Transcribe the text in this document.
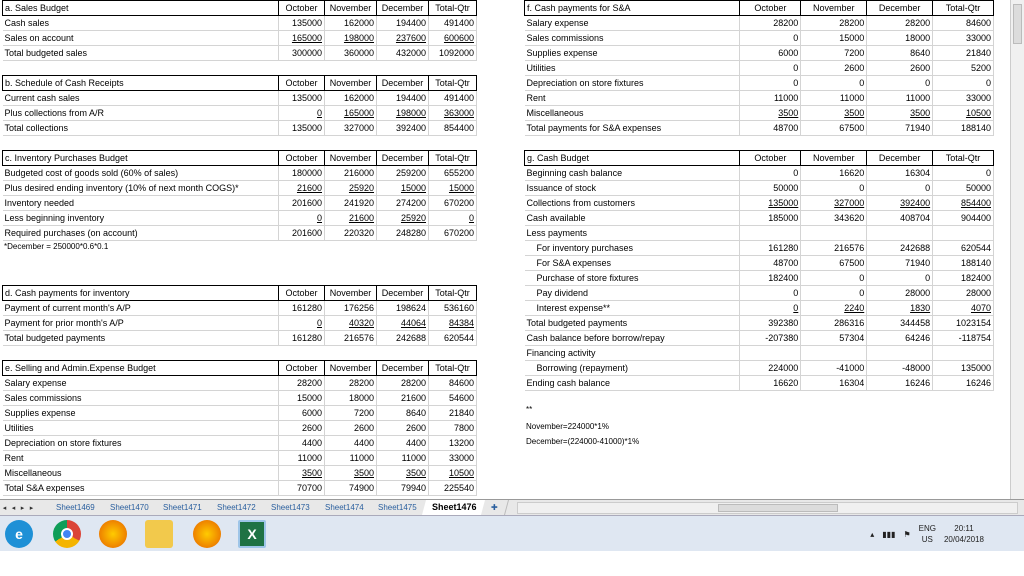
a. Sales Budget	October	November	December	Total-Qtr
Cash sales	135000	162000	194400	491400
Sales on account	165000	198000	237600	600600
Total budgeted sales	300000	360000	432000	1092000
b. Schedule of Cash Receipts	October	November	December	Total-Qtr
Current cash sales	135000	162000	194400	491400
Plus collections from A/R	0	165000	198000	363000
Total collections	135000	327000	392400	854400
c. Inventory Purchases Budget	October	November	December	Total-Qtr
Budgeted cost of goods sold (60% of sales)	180000	216000	259200	655200
Plus desired ending inventory (10% of next month COGS)*	21600	25920	15000	15000
Inventory needed	201600	241920	274200	670200
Less beginning inventory	0	21600	25920	0
Required purchases (on account)	201600	220320	248280	670200
*December = 250000*0.6*0.1
d. Cash payments for inventory	October	November	December	Total-Qtr
Payment of current month's A/P	161280	176256	198624	536160
Payment for prior month's A/P	0	40320	44064	84384
Total budgeted payments	161280	216576	242688	620544
e. Selling and Admin.Expense Budget	October	November	December	Total-Qtr
Salary expense	28200	28200	28200	84600
Sales commissions	15000	18000	21600	54600
Supplies expense	6000	7200	8640	21840
Utilities	2600	2600	2600	7800
Depreciation on store fixtures	4400	4400	4400	13200
Rent	11000	11000	11000	33000
Miscellaneous	3500	3500	3500	10500
Total S&A expenses	70700	74900	79940	225540
f. Cash payments for S&A	October	November	December	Total-Qtr
Salary expense	28200	28200	28200	84600
Sales commissions	0	15000	18000	33000
Supplies expense	6000	7200	8640	21840
Utilities	0	2600	2600	5200
Depreciation on store fixtures	0	0	0	0
Rent	11000	11000	11000	33000
Miscellaneous	3500	3500	3500	10500
Total payments for S&A expenses	48700	67500	71940	188140
g. Cash Budget	October	November	December	Total-Qtr
Beginning cash balance	0	16620	16304	0
Issuance of stock	50000	0	0	50000
Collections from customers	135000	327000	392400	854400
Cash available	185000	343620	408704	904400
Less payments				
For inventory purchases	161280	216576	242688	620544
For S&A expenses	48700	67500	71940	188140
Purchase of store fixtures	182400	0	0	182400
Pay dividend	0	0	28000	28000
Interest expense**	0	2240	1830	4070
Total budgeted payments	392380	286316	344458	1023154
Cash balance before borrow/repay	-207380	57304	64246	-118754
Financing activity				
Borrowing (repayment)	224000	-41000	-48000	135000
Ending cash balance	16620	16304	16246	16246
**
November=224000*1%
December=(224000-41000)*1%
◂ ◂ ▸ ▸	Sheet1469	Sheet1470	Sheet1471	Sheet1472	Sheet1473	Sheet1474	Sheet1475	Sheet1476	✚
e	X	▴ ▮▮▮ ⚑
ENG
US
20:11
20/04/2018
